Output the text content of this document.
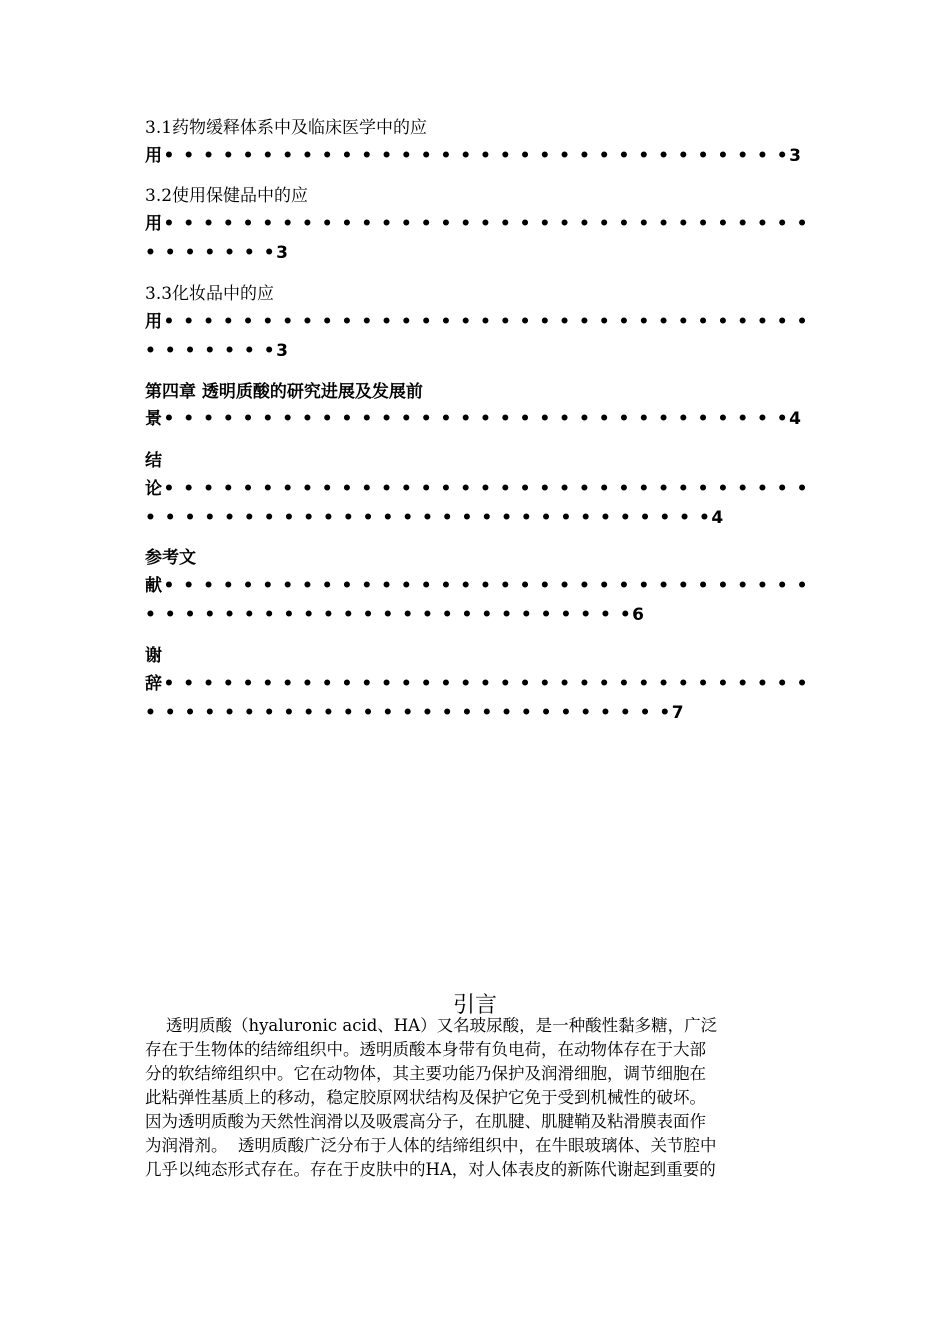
3.1药物缓释体系中及临床医学中的应
用• • • • • • • • • • • • • • • • • • • • • • • • • • • • • • • •3
3.2使用保健品中的应
用• • • • • • • • • • • • • • • • • • • • • • • • • • • • • • • • •
• • • • • • •3
3.3化妆品中的应
用• • • • • • • • • • • • • • • • • • • • • • • • • • • • • • • • •
• • • • • • •3
第四章 透明质酸的研究进展及发展前
景• • • • • • • • • • • • • • • • • • • • • • • • • • • • • • • •4
结
论• • • • • • • • • • • • • • • • • • • • • • • • • • • • • • • • •
• • • • • • • • • • • • • • • • • • • • • • • • • • • • •4
参考文
献• • • • • • • • • • • • • • • • • • • • • • • • • • • • • • • • •
• • • • • • • • • • • • • • • • • • • • • • • • •6
谢
辞• • • • • • • • • • • • • • • • • • • • • • • • • • • • • • • • •
• • • • • • • • • • • • • • • • • • • • • • • • • • •7
引言
透明质酸（hyaluronic acid、HA）又名玻尿酸，是一种酸性黏多糖，广泛
存在于生物体的结缔组织中。透明质酸本身带有负电荷，在动物体存在于大部
分的软结缔组织中。它在动物体，其主要功能乃保护及润滑细胞，调节细胞在
此粘弹性基质上的移动，稳定胶原网状结构及保护它免于受到机械性的破坏。
因为透明质酸为天然性润滑以及吸震高分子，在肌腱、肌腱鞘及粘滑膜表面作
为润滑剂。  透明质酸广泛分布于人体的结缔组织中，在牛眼玻璃体、关节腔中
几乎以纯态形式存在。存在于皮肤中的HA，对人体表皮的新陈代谢起到重要的
